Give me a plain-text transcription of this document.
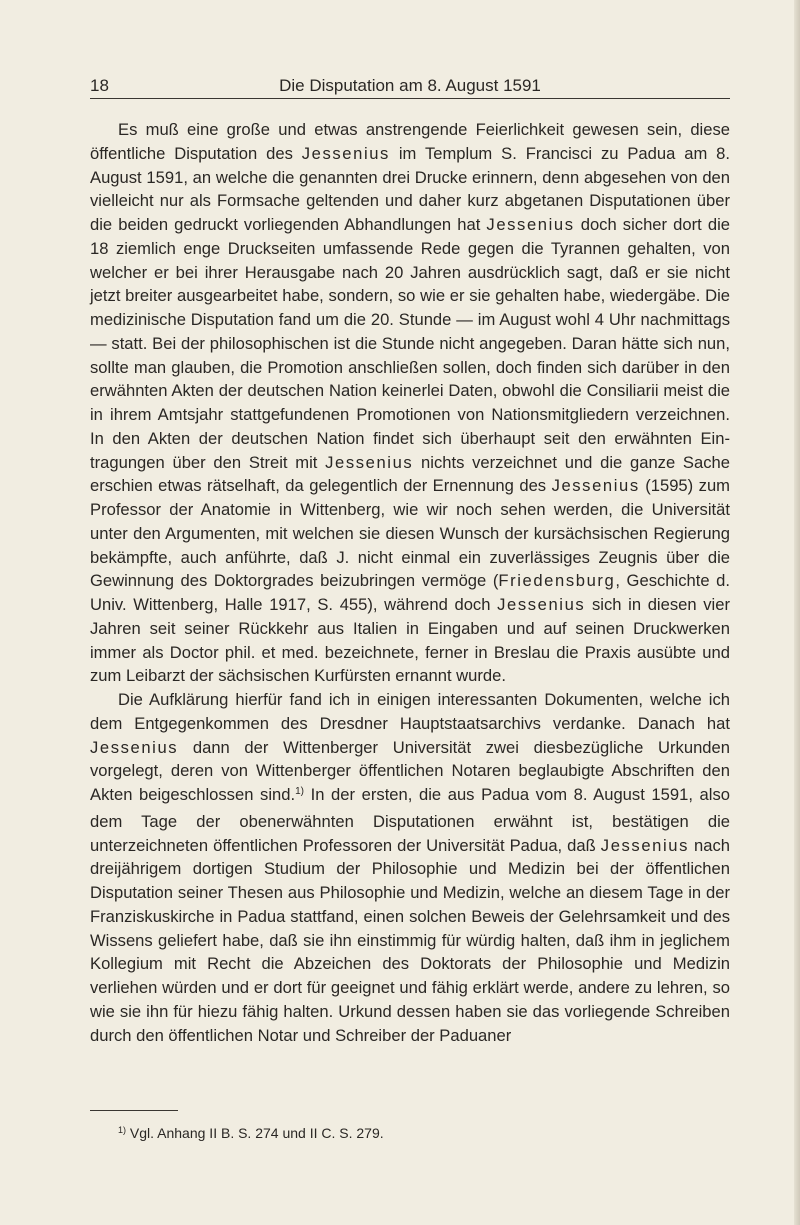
18	Die Disputation am 8. August 1591

Es muß eine große und etwas anstrengende Feierlichkeit gewesen sein, diese öffentliche Disputation des Jessenius im Templum S. Francisci zu Padua am 8. August 1591, an welche die genannten drei Drucke erinnern, denn abgesehen von den vielleicht nur als Formsache geltenden und daher kurz abgetanen Disputationen über die beiden gedruckt vorliegenden Abhandlungen hat Jessenius doch sicher dort die 18 ziemlich enge Druckseiten umfassende Rede gegen die Tyrannen gehalten, von welcher er bei ihrer Herausgabe nach 20 Jahren ausdrücklich sagt, daß er sie nicht jetzt breiter ausgearbeitet habe, sondern, so wie er sie gehalten habe, wiedergäbe. Die medizinische Disputation fand um die 20. Stunde — im August wohl 4 Uhr nachmittags — statt. Bei der philosophischen ist die Stunde nicht angegeben. Daran hätte sich nun, sollte man glauben, die Promotion anschließen sollen, doch finden sich darüber in den erwähnten Akten der deutschen Nation keinerlei Daten, obwohl die Consiliarii meist die in ihrem Amtsjahr stattgefundenen Promotionen von Nationsmitgliedern verzeichnen. In den Akten der deutschen Nation findet sich überhaupt seit den erwähnten Eintragungen über den Streit mit Jessenius nichts verzeichnet und die ganze Sache erschien etwas rätselhaft, da gelegentlich der Ernennung des Jessenius (1595) zum Professor der Anatomie in Wittenberg, wie wir noch sehen werden, die Universität unter den Argumenten, mit welchen sie diesen Wunsch der kursächsischen Regierung bekämpfte, auch anführte, daß J. nicht einmal ein zuverlässiges Zeugnis über die Gewinnung des Doktorgrades beizubringen vermöge (Friedensburg, Geschichte d. Univ. Wittenberg, Halle 1917, S. 455), während doch Jessenius sich in diesen vier Jahren seit seiner Rückkehr aus Italien in Eingaben und auf seinen Druckwerken immer als Doctor phil. et med. bezeichnete, ferner in Breslau die Praxis ausübte und zum Leibarzt der sächsischen Kurfürsten ernannt wurde.

Die Aufklärung hierfür fand ich in einigen interessanten Dokumenten, welche ich dem Entgegenkommen des Dresdner Hauptstaatsarchivs verdanke. Danach hat Jessenius dann der Wittenberger Universität zwei diesbezügliche Urkunden vorgelegt, deren von Wittenberger öffentlichen Notaren beglaubigte Abschriften den Akten beigeschlossen sind.$^{1)}$ In der ersten, die aus Padua vom 8. August 1591, also dem Tage der obenerwähnten Disputationen erwähnt ist, bestätigen die unterzeichneten öffentlichen Professoren der Universität Padua, daß Jessenius nach dreijährigem dortigen Studium der Philosophie und Medizin bei der öffentlichen Disputation seiner Thesen aus Philosophie und Medizin, welche an diesem Tage in der Franziskuskirche in Padua stattfand, einen solchen Beweis der Gelehrsamkeit und des Wissens geliefert habe, daß sie ihn einstimmig für würdig halten, daß ihm in jeglichem Kollegium mit Recht die Abzeichen des Doktorats der Philosophie und Medizin verliehen würden und er dort für geeignet und fähig erklärt werde, andere zu lehren, so wie sie ihn für hiezu fähig halten. Urkund dessen haben sie das vorliegende Schreiben durch den öffentlichen Notar und Schreiber der Paduaner

$^{1)}$ Vgl. Anhang II B. S. 274 und II C. S. 279.
